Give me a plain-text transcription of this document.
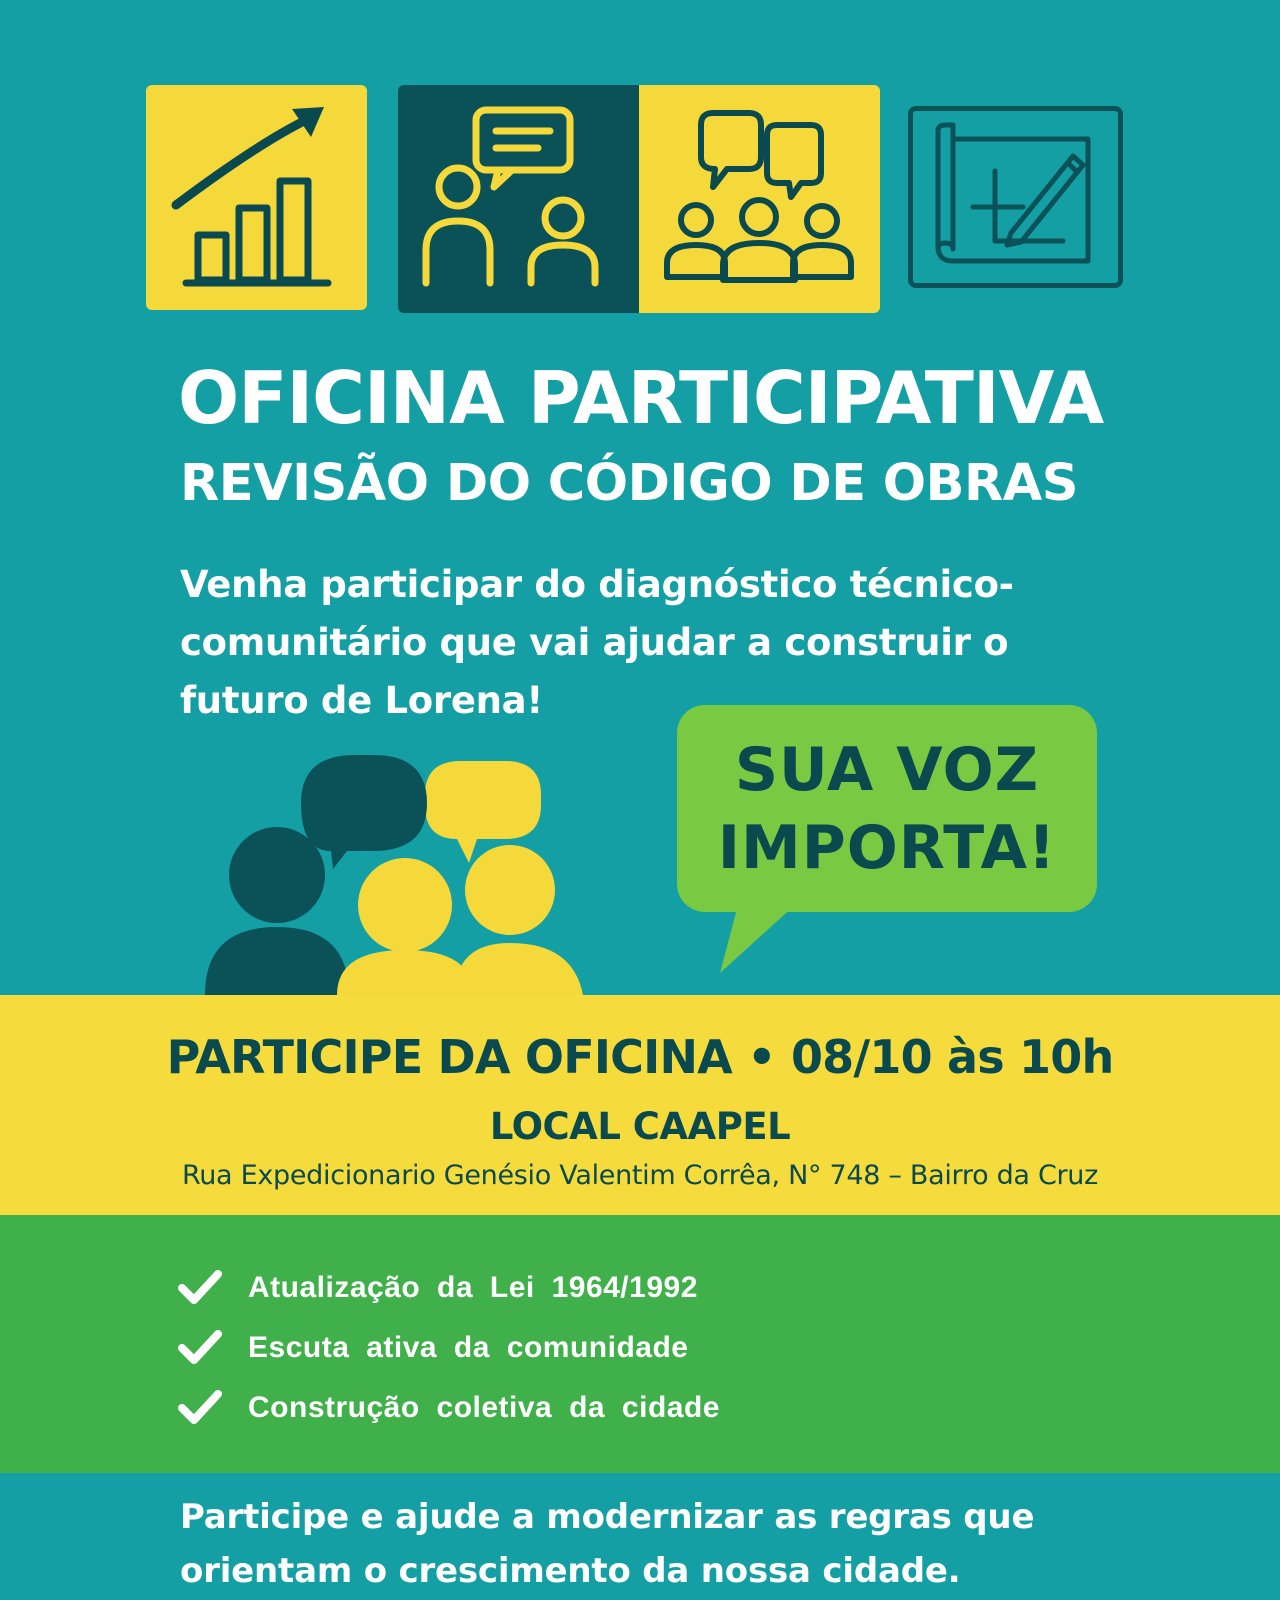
OFICINA PARTICIPATIVA
REVISÃO DO CÓDIGO DE OBRAS
Venha participar do diagnóstico técnico-comunitário que vai ajudar a construir o futuro de Lorena!
SUA VOZ
IMPORTA!
PARTICIPE DA OFICINA • 08/10 às 10h
LOCAL CAAPEL
Rua Expedicionario Genésio Valentim Corrêa, N° 748 – Bairro da Cruz
Atualização da Lei 1964/1992
Escuta ativa da comunidade
Construção coletiva da cidade
Participe e ajude a modernizar as regras que orientam o crescimento da nossa cidade.
